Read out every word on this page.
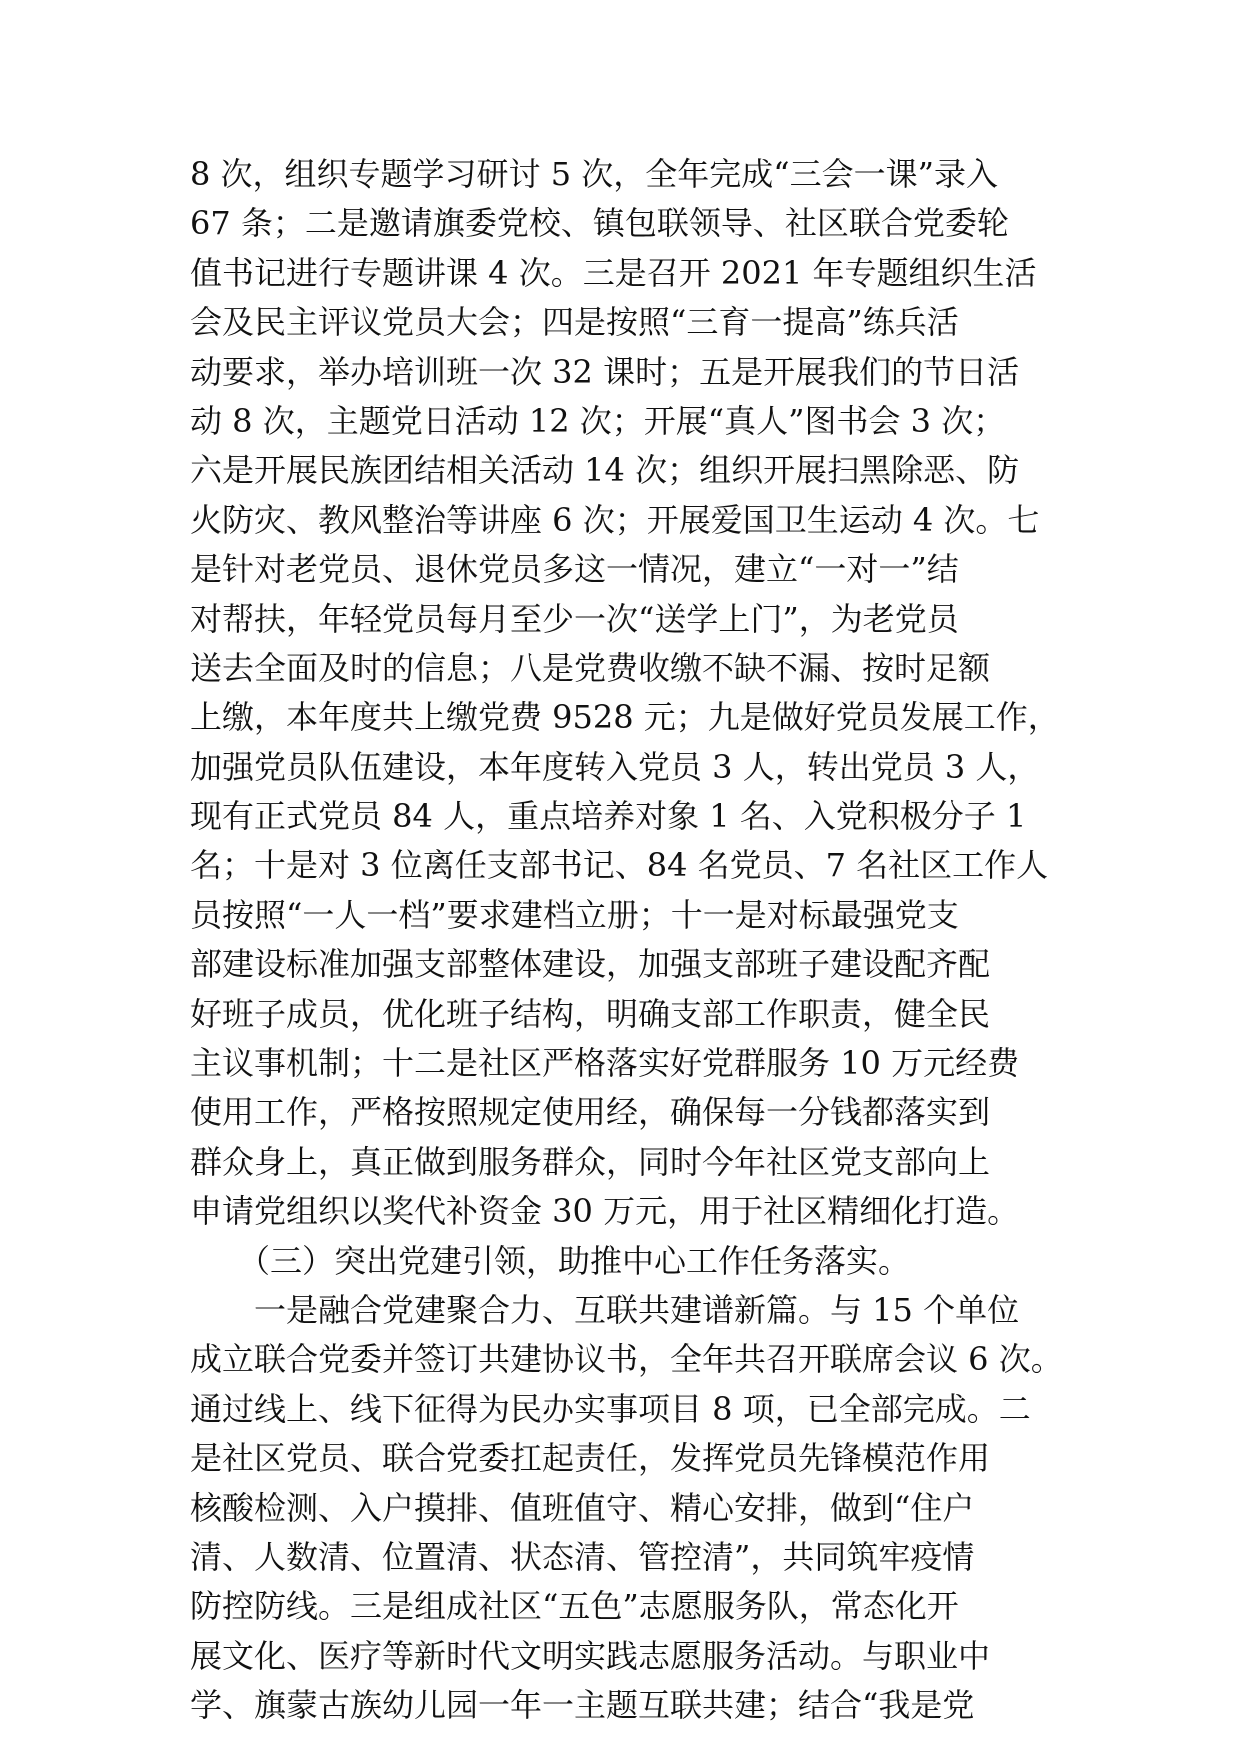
8 次，组织专题学习研讨 5 次，全年完成“三会一课”录入
67 条；二是邀请旗委党校、镇包联领导、社区联合党委轮
值书记进行专题讲课 4 次。三是召开 2021 年专题组织生活
会及民主评议党员大会；四是按照“三育一提高”练兵活
动要求，举办培训班一次 32 课时；五是开展我们的节日活
动 8 次，主题党日活动 12 次；开展“真人”图书会 3 次；
六是开展民族团结相关活动 14 次；组织开展扫黑除恶、防
火防灾、教风整治等讲座 6 次；开展爱国卫生运动 4 次。七
是针对老党员、退休党员多这一情况，建立“一对一”结
对帮扶，年轻党员每月至少一次“送学上门”，为老党员
送去全面及时的信息；八是党费收缴不缺不漏、按时足额
上缴，本年度共上缴党费 9528 元；九是做好党员发展工作，
加强党员队伍建设，本年度转入党员 3 人，转出党员 3 人，
现有正式党员 84 人，重点培养对象 1 名、入党积极分子 1
名；十是对 3 位离任支部书记、84 名党员、7 名社区工作人
员按照“一人一档”要求建档立册；十一是对标最强党支
部建设标准加强支部整体建设，加强支部班子建设配齐配
好班子成员，优化班子结构，明确支部工作职责，健全民
主议事机制；十二是社区严格落实好党群服务 10 万元经费
使用工作，严格按照规定使用经，确保每一分钱都落实到
群众身上，真正做到服务群众，同时今年社区党支部向上
申请党组织以奖代补资金 30 万元，用于社区精细化打造。
　　（三）突出党建引领，助推中心工作任务落实。
　　一是融合党建聚合力、互联共建谱新篇。与 15 个单位
成立联合党委并签订共建协议书，全年共召开联席会议 6 次。
通过线上、线下征得为民办实事项目 8 项，已全部完成。二
是社区党员、联合党委扛起责任，发挥党员先锋模范作用
核酸检测、入户摸排、值班值守、精心安排，做到“住户
清、人数清、位置清、状态清、管控清”，共同筑牢疫情
防控防线。三是组成社区“五色”志愿服务队，常态化开
展文化、医疗等新时代文明实践志愿服务活动。与职业中
学、旗蒙古族幼儿园一年一主题互联共建；结合“我是党
